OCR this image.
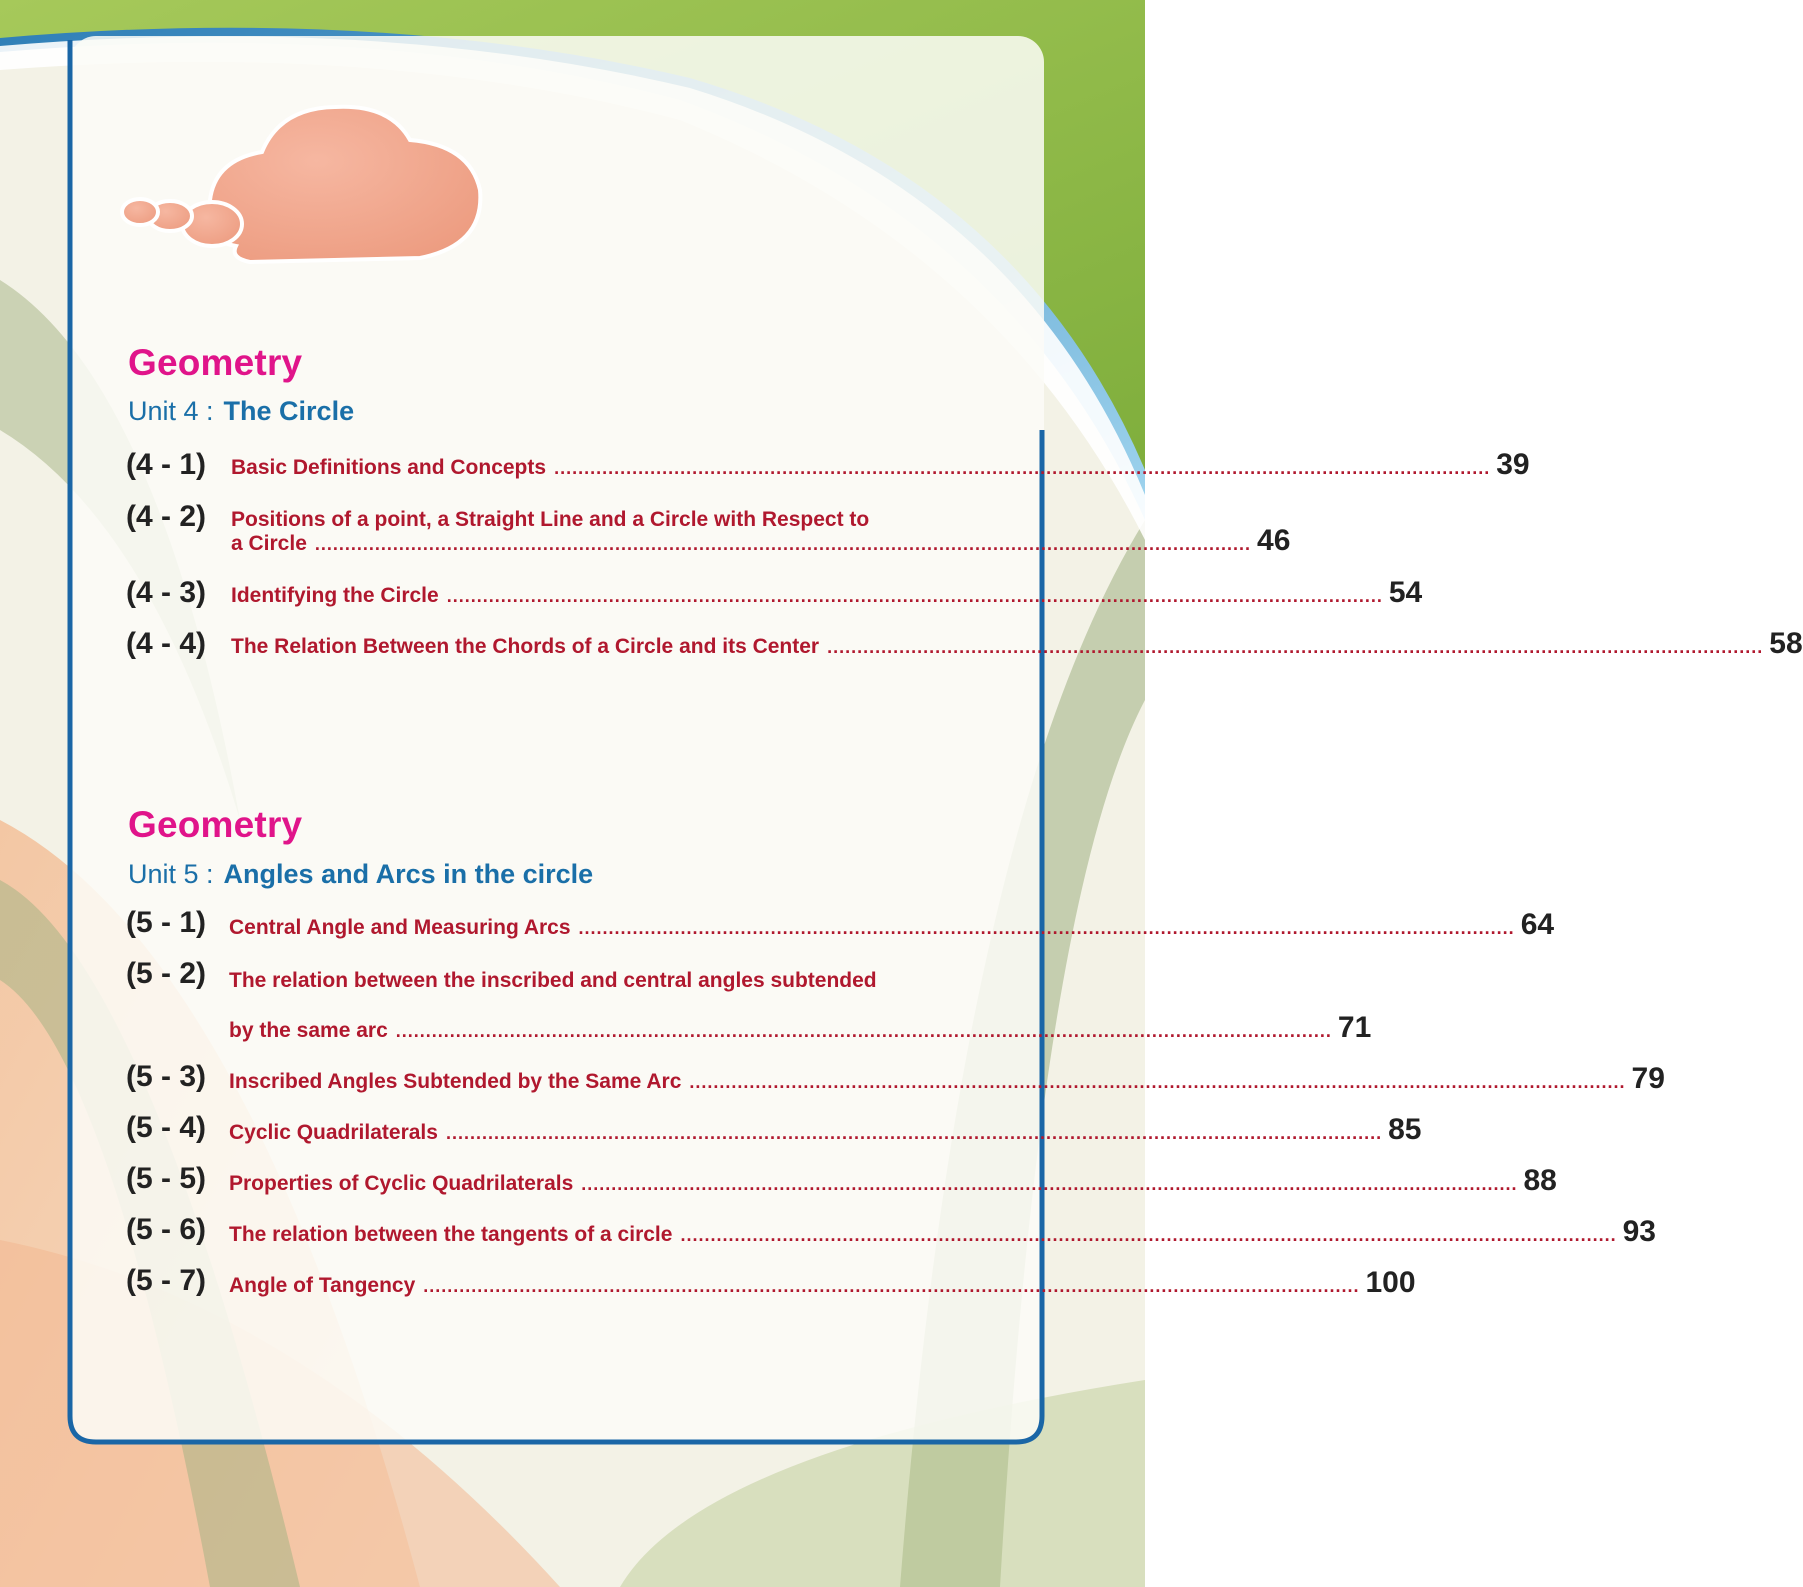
Geometry
Unit 4 : The Circle
(4 - 1) Basic Definitions and Concepts ............................................................................................................................................................ 39
(4 - 2) Positions of a point, a Straight Line and a Circle with Respect to
a Circle ............................................................................................................................................................ 46
(4 - 3) Identifying the Circle ............................................................................................................................................................ 54
(4 - 4) The Relation Between the Chords of a Circle and its Center ............................................................................................................................................................ 58
Geometry
Unit 5 : Angles and Arcs in the circle
(5 - 1) Central Angle and Measuring Arcs ............................................................................................................................................................ 64
(5 - 2) The relation between the inscribed and central angles subtended
by the same arc ............................................................................................................................................................ 71
(5 - 3) Inscribed Angles Subtended by the Same Arc ............................................................................................................................................................ 79
(5 - 4) Cyclic Quadrilaterals ............................................................................................................................................................ 85
(5 - 5) Properties of Cyclic Quadrilaterals ............................................................................................................................................................ 88
(5 - 6) The relation between the tangents of a circle ............................................................................................................................................................ 93
(5 - 7) Angle of Tangency ............................................................................................................................................................ 100
